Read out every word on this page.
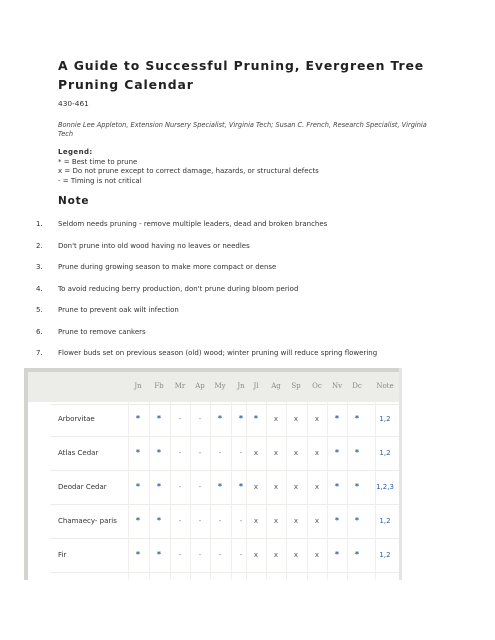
A Guide to Successful Pruning, Evergreen Tree Pruning Calendar
430-461
Bonnie Lee Appleton, Extension Nursery Specialist, Virginia Tech; Susan C. French, Research Specialist, Virginia Tech
Legend:
* = Best time to prune
x = Do not prune except to correct damage, hazards, or structural defects
- = Timing is not critical
Note
1. Seldom needs pruning - remove multiple leaders, dead and broken branches
2. Don't prune into old wood having no leaves or needles
3. Prune during growing season to make more compact or dense
4. To avoid reducing berry production, don't prune during bloom period
5. Prune to prevent oak wilt infection
6. Prune to remove cankers
7. Flower buds set on previous season (old) wood; winter pruning will reduce spring flowering
Jn	Fb	Mr	Ap	My	Jn	Jl	Ag	Sp	Oc	Nv	Dc	Note
Arborvitae	*	*	-	-	*	*	*	x	x	x	*	*	1,2
Atlas Cedar	*	*	-	-	-	-	x	x	x	x	*	*	1,2
Deodar Cedar	*	*	-	-	*	*	x	x	x	x	*	*	1,2,3
Chamaecy- paris	*	*	-	-	-	-	x	x	x	x	*	*	1,2
Fir	*	*	-	-	-	-	x	x	x	x	*	*	1,2
